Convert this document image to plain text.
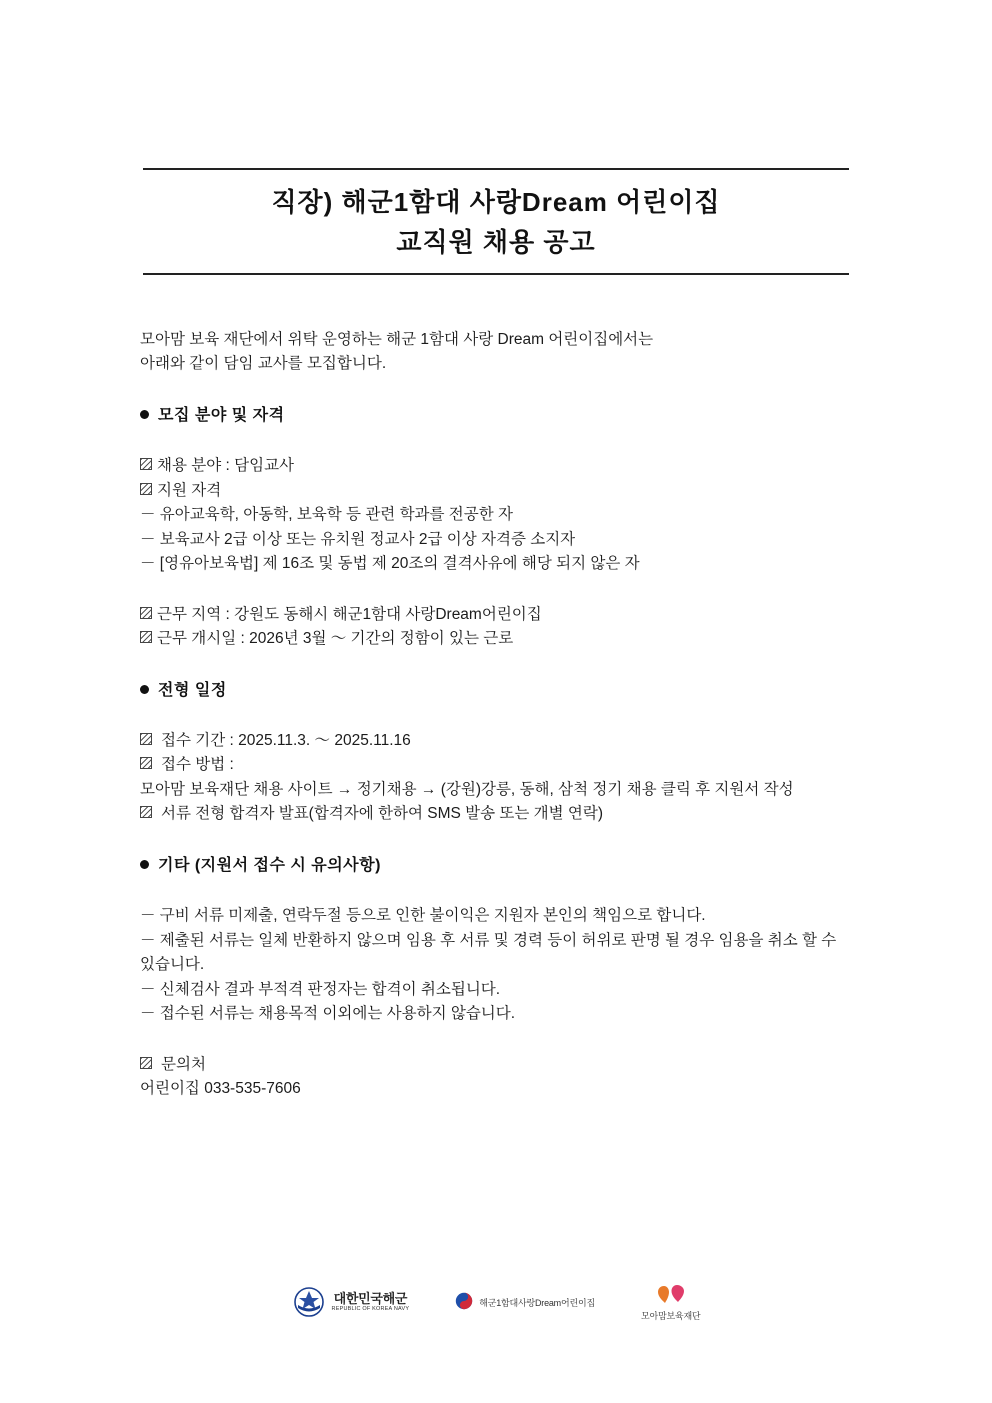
직장) 해군1함대 사랑Dream 어린이집
교직원 채용 공고
모아맘 보육 재단에서 위탁 운영하는 해군 1함대 사랑 Dream 어린이집에서는
아래와 같이 담임 교사를 모집합니다.
모집 분야 및 자격
채용 분야 : 담임교사
지원 자격
－ 유아교육학, 아동학, 보육학 등 관련 학과를 전공한 자
－ 보육교사 2급 이상 또는 유치원 정교사 2급 이상 자격증 소지자
－ [영유아보육법] 제 16조 및 동법 제 20조의 결격사유에 해당 되지 않은 자
근무 지역 : 강원도 동해시 해군1함대 사랑Dream어린이집
근무 개시일 : 2026년 3월 ～ 기간의 정함이 있는 근로
전형 일정
접수 기간 : 2025.11.3. ～ 2025.11.16
접수 방법 :
모아맘 보육재단 채용 사이트 → 정기채용 → (강원)강릉, 동해, 삼척 정기 채용 클릭 후 지원서 작성
서류 전형 합격자 발표(합격자에 한하여 SMS 발송 또는 개별 연락)
기타 (지원서 접수 시 유의사항)
－ 구비 서류 미제출, 연락두절 등으로 인한 불이익은 지원자 본인의 책임으로 합니다.
－ 제출된 서류는 일체 반환하지 않으며 임용 후 서류 및 경력 등이 허위로 판명 될 경우 임용을 취소 할 수 있습니다.
－ 신체검사 결과 부적격 판정자는 합격이 취소됩니다.
－ 접수된 서류는 채용목적 이외에는 사용하지 않습니다.
문의처
어린이집 033-535-7606
대한민국해군
REPUBLIC OF KOREA NAVY
해군1함대사랑Dream어린이집
모아맘보육재단
